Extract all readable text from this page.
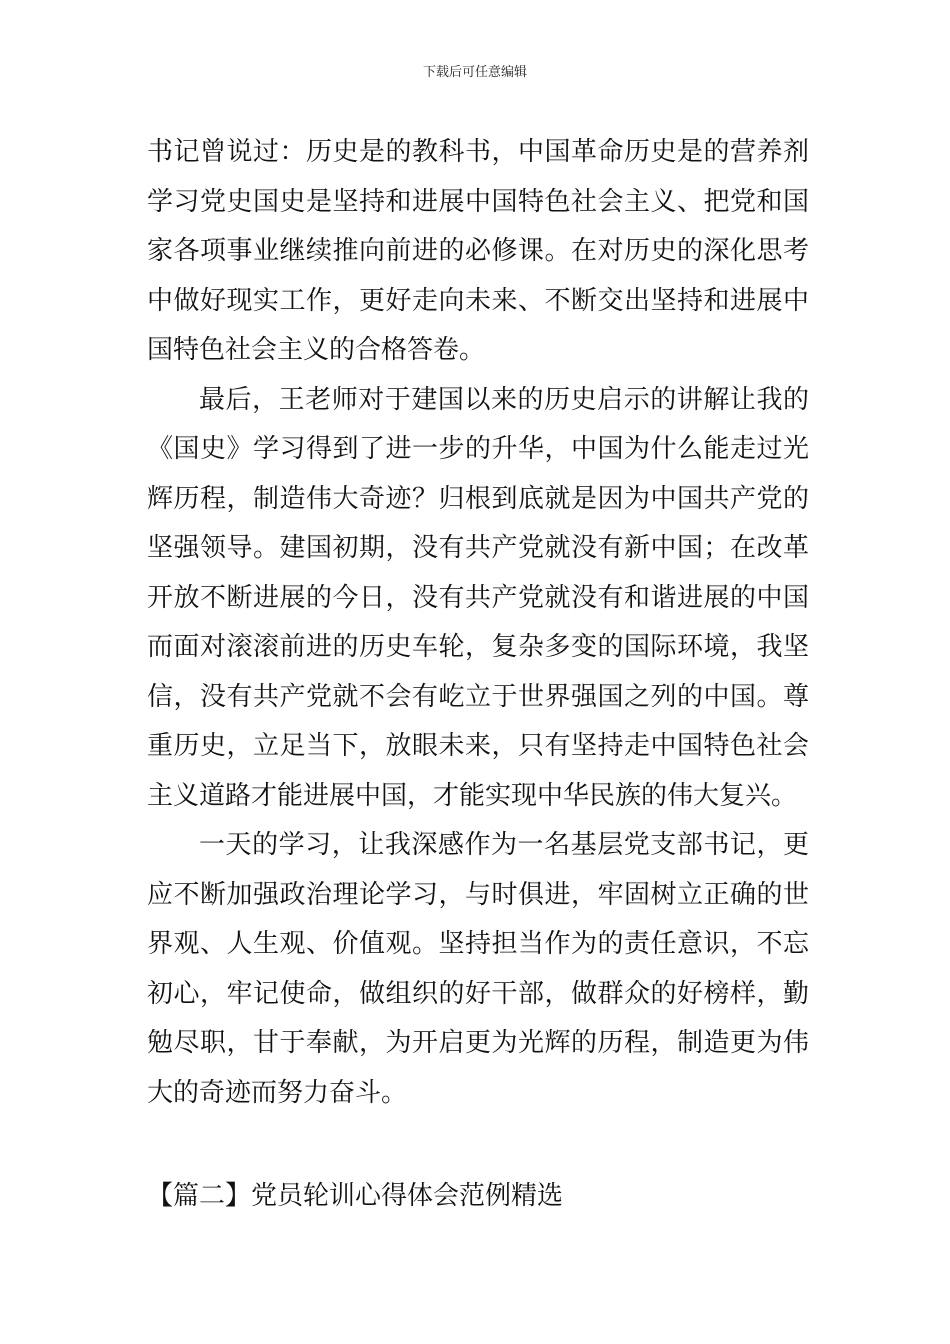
下载后可任意编辑
书记曾说过：历史是的教科书，中国革命历史是的营养剂
学习党史国史是坚持和进展中国特色社会主义、把党和国
家各项事业继续推向前进的必修课。在对历史的深化思考
中做好现实工作，更好走向未来、不断交出坚持和进展中
国特色社会主义的合格答卷。
最后，王老师对于建国以来的历史启示的讲解让我的
《国史》学习得到了进一步的升华，中国为什么能走过光
辉历程，制造伟大奇迹？归根到底就是因为中国共产党的
坚强领导。建国初期，没有共产党就没有新中国；在改革
开放不断进展的今日，没有共产党就没有和谐进展的中国
而面对滚滚前进的历史车轮，复杂多变的国际环境，我坚
信，没有共产党就不会有屹立于世界强国之列的中国。尊
重历史，立足当下，放眼未来，只有坚持走中国特色社会
主义道路才能进展中国，才能实现中华民族的伟大复兴。
一天的学习，让我深感作为一名基层党支部书记，更
应不断加强政治理论学习，与时俱进，牢固树立正确的世
界观、人生观、价值观。坚持担当作为的责任意识，不忘
初心，牢记使命，做组织的好干部，做群众的好榜样，勤
勉尽职，甘于奉献，为开启更为光辉的历程，制造更为伟
大的奇迹而努力奋斗。
【篇二】党员轮训心得体会范例精选
